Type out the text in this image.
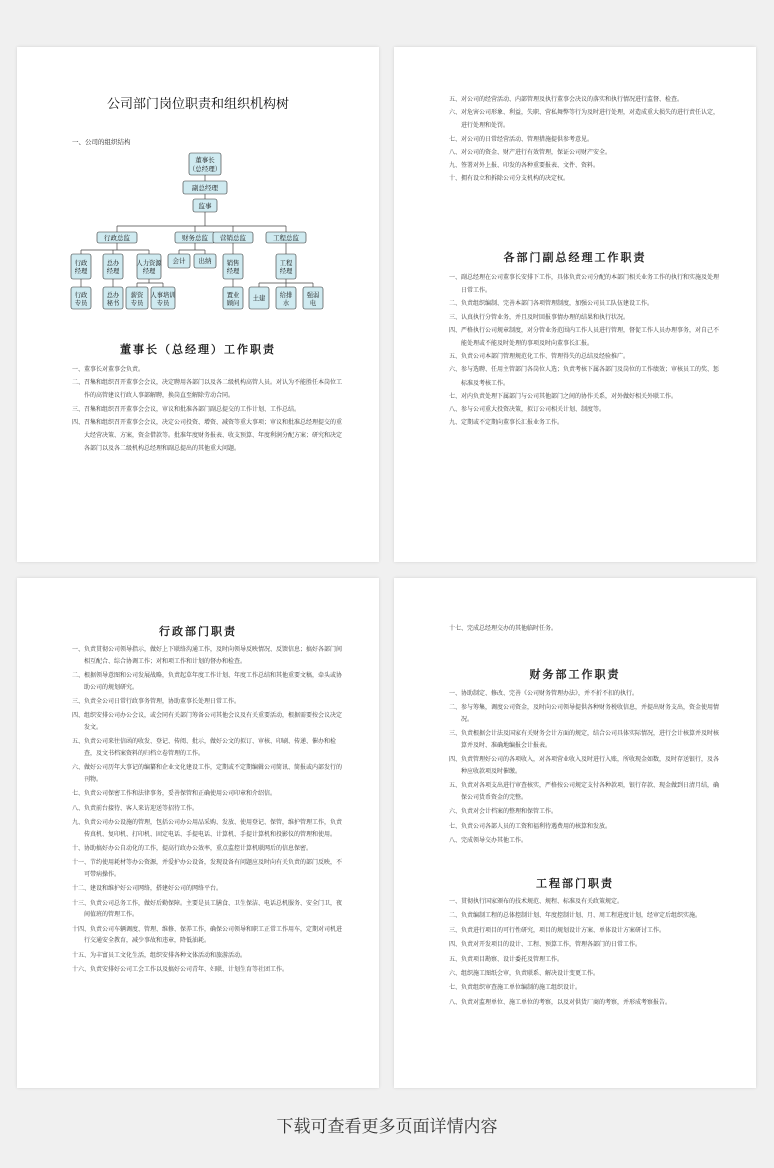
公司部门岗位职责和组织机构树
一、公司的组织结构
董事长
（总经理）
副总经理
监事
行政总监	财务总监 营销总监	工程总监
会计 出纳
行政经理
总办经理
人力资源经理
销售经理
工程经理
行政专员
总办秘书
薪资专员
人事培训专员
置业顾问
土建 给排水
强弱电
董事长（总经理）工作职责

一、董事长对董事会负责。

二、召集和组织召开董事会会议，决定聘用各部门以及各二级机构高管人员。对认为不能胜任本岗位工作的高管建议行政人事部解聘，换岗直至解除劳动合同。

三、召集和组织召开董事会会议，审议和批准各部门副总提交的工作计划、工作总结。

四、召集和组织召开董事会会议，决定公司投资、增资、减资等重大事项；审议和批准总经理提交的重大经营决策、方案，资金借款等。批准年度财务报表、收支预算、年度利润分配方案；研究和决定各部门以及各二级机构总经理和副总提出的其他重大问题。

五、对公司的经营活动、内部管理及执行董事会决议的落实和执行情况进行监督、检查。

六、对危害公司形象、利益，失职、营私舞弊等行为及时进行处理，对造成重大损失的进行责任认定，进行处理和处罚。

七、对公司的日常经营活动、管理措施提供参考意见。

八、对公司的资金、财产进行有效管理，保证公司财产安全。

九、签署对外上报、印发的各种重要报表、文件、资料。

十、拥有设立和拆除公司分支机构的决定权。

各部门副总经理工作职责

一、副总经理在公司董事长安排下工作，具体负责公司分配的本部门相关业务工作的执行和实施及处理日常工作。

二、负责组织编制、完善本部门各项管理制度，加强公司员工队伍建设工作。

三、认真执行分管业务，并且及时回报事情办理的结果和执行状况。

四、严格执行公司规章制度，对分管业务范围内工作人员进行管理，督促工作人员办理事务，对自己不能处理或不能及时处理的事项及时向董事长汇报。

五、负责公司本部门管理规范化工作、管理得失的总结及经验推广。

六、参与选聘、任用主管部门各岗位人选；负责考核下属各部门及岗位的工作绩效；审核员工的奖、惩标准及考核工作。

七、对内负责处理下属部门与公司其他部门之间的协作关系，对外做好相关外联工作。

八、参与公司重大投资决策，拟订公司相关计划、制度等。

九、定期或不定期向董事长汇报业务工作。

行政部门职责

一、负责贯彻公司领导指示，做好上下联络沟通工作，及时向领导反映情况、反馈信息；搞好各部门间相互配合、综合协调工作；对和项工作和计划的督办和检查。

二、根据领导意图和公司发展战略，负责起草年度工作计划、年度工作总结和其他重要文稿，牵头或协助公司的规划研究。

三、负责全公司日常行政事务管理，协助董事长处理日常工作。

四、组织安排公司办公会议，或会同有关部门筹备公司其他会议及有关重要活动，根据需要按会议决定发文。

五、负责公司来往信函的收发、登记、传阅、批示，做好公文的拟订、审核、印刷、传递、催办和检查，及文书档案资料的归档立卷管理的工作。

六、做好公司历年大事记的编纂和企业文化建设工作，定期或不定期编辑公司简讯、简报或内部发行的刊物。

七、负责公司保密工作和法律事务，妥善保管和正确使用公司印章和介绍信。

八、负责前台接待、客人来访迎送等招待工作。

九、负责公司办公设施的管理，包括公司办公用品采购、发放、使用登记、保管，维护管理工作，负责传真机、复印机、打印机、固定电话、手提电话、计算机、手提计算机和投影仪的管理和使用。

十、协助搞好办公自动化的工作，提高行政办公效率，重点监控计算机联网后的信息保密。

十一、节约使用耗材等办公资源，并爱护办公设备，发现设备有问题应及时向有关负责的部门反映，不可带病操作。

十二、建设和维护好公司网络，搭建好公司的网络平台。

十三、负责公司总务工作，做好后勤保障。主要是员工膳食、卫生保洁、电话总机服务、安全门卫，夜间值班的管理工作。

十四、负责公司车辆调度、管理、维修、保养工作，确保公司领导和职工正常工作用车，定期对司机进行交通安全教育，减少事故和违章，降低油耗。

十五、为丰富员工文化生活，组织安排各种文体活动和旅游活动。

十六、负责安排好公司工会工作以及搞好公司青年、妇联、计划生育等社团工作。

十七、完成总经理交办的其他临时任务。

财务部工作职责

一、协助制定、修改、完善《公司财务管理办法》，并不折不扣的执行。

二、参与筹集，调度公司资金，及时向公司领导提供各种财务税收信息，并提出财务支出，资金使用情况。

三、负责根据会计法及国家有关财务会计方面的规定，结合公司具体实际情况，进行会计核算并及时核算并及时、准确地编报会计报表。

四、负责管理好公司的各项收入，对各项营业收入及时进行入账，所收现金如数，及时存送银行，及各种应收款项及时催缴。

五、负责对各项支出进行审查核实，严格按公司规定支付各种款项，银行存款、现金做到日清月结，确保公司货币资金的完整。

六、负责对会计档案的整理和保管工作。

七、负责公司各部人员的工资和福利待遇费用的核算和发放。

八、完成领导交办其他工作。

工程部门职责

一、贯彻执行国家颁布的技术规范、规程、标准及有关政策规定。

二、负责编制工程的总体控制计划、年度控制计划、月、周工程进度计划，经审定后组织实施。

三、负责进行项目的可行性研究，项目的规划设计方案、单体设计方案研讨工作。

四、负责对开发项目的设计、工程、预算工作，管理各部门的日常工作。

五、负责项目勘察、设计委托及管理工作。

六、组织施工图纸会审，负责联系、解决设计变更工作。

七、负责组织审查施工单位编制的施工组织设计。

八、负责对监理单位、施工单位的考察，以及对供货厂商的考察，并形成考察报告。

下载可查看更多页面详情内容
